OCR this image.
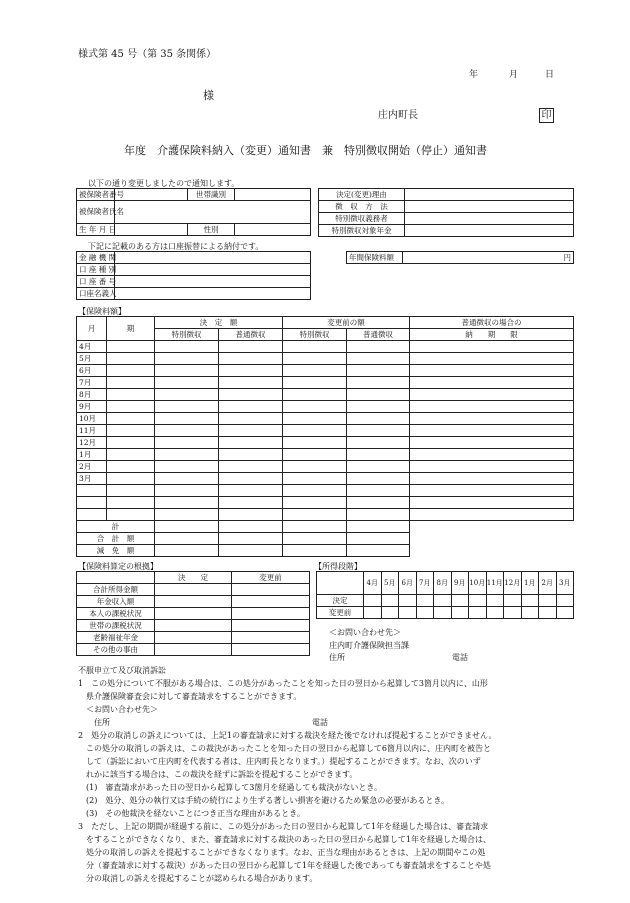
様式第 45 号（第 35 条関係）
年	月	日
様
庄内町長	印
年度　介護保険料納入（変更）通知書　兼　特別徴収開始（停止）通知書
以下の通り変更しましたので通知します。
被保険者番号		世帯識別	
被保険者氏名			
生 年 月 日		性別	
決定(変更)理由	
徴　収　方　法	
特別徴収義務者	
特別徴収対象年金	
下記に記載のある方は口座振替による納付です。
金 融 機 関	
口 座 種 別	
口 座 番 号	
口座名義人	
年間保険料額	円
【保険料額】
月	期	決　定　額		変更前の額		普通徴収の場合の
		特別徴収	普通徴収	特別徴収	普通徴収	納　　期　　限
4月						
5月						
6月						
7月						
8月						
9月						
10月						
11月						
12月						
1月						
2月						
3月						

計						
合　計　額						
減　免　額						
【保険料算定の根拠】
	決　　定	変更前
合計所得金額		
年金収入額		
本人の課税状況		
世帯の課税状況		
老齢福祉年金		
その他の事由		
【所得段階】
	4月	5月	6月	7月	8月	9月	10月	11月	12月	1月	2月	3月
決定												
変更前												
＜お問い合わせ先＞
庄内町介護保険担当課
住所	電話
不服申立て及び取消訴訟
1　この処分について不服がある場合は、この処分があったことを知った日の翌日から起算して3箇月以内に、山形
　県介護保険審査会に対して審査請求をすることができます。
　＜お問い合わせ先＞
　　住所
2　処分の取消しの訴えについては、上記1の審査請求に対する裁決を経た後でなければ提起することができません。
　この処分の取消しの訴えは、この裁決があったことを知った日の翌日から起算して6箇月以内に、庄内町を被告と
　して（訴訟において庄内町を代表する者は、庄内町長となります。）提起することができます。なお、次のいず
　れかに該当する場合は、この裁決を経ずに訴訟を提起することができます。
　(1)　審査請求があった日の翌日から起算して3箇月を経過しても裁決がないとき。
　(2)　処分、処分の執行又は手続の続行により生ずる著しい損害を避けるため緊急の必要があるとき。
　(3)　その他裁決を経ないことにつき正当な理由があるとき。
3　ただし、上記の期間が経過する前に、この処分があった日の翌日から起算して1年を経過した場合は、審査請求
　をすることができなくなり、また、審査請求に対する裁決のあった日の翌日から起算して1年を経過した場合は、
　処分の取消しの訴えを提起することができなくなります。なお、正当な理由があるときは、上記の期間やこの処
　分（審査請求に対する裁決）があった日の翌日から起算して1年を経過した後であっても審査請求をすることや処
　分の取消しの訴えを提起することが認められる場合があります。
電話
